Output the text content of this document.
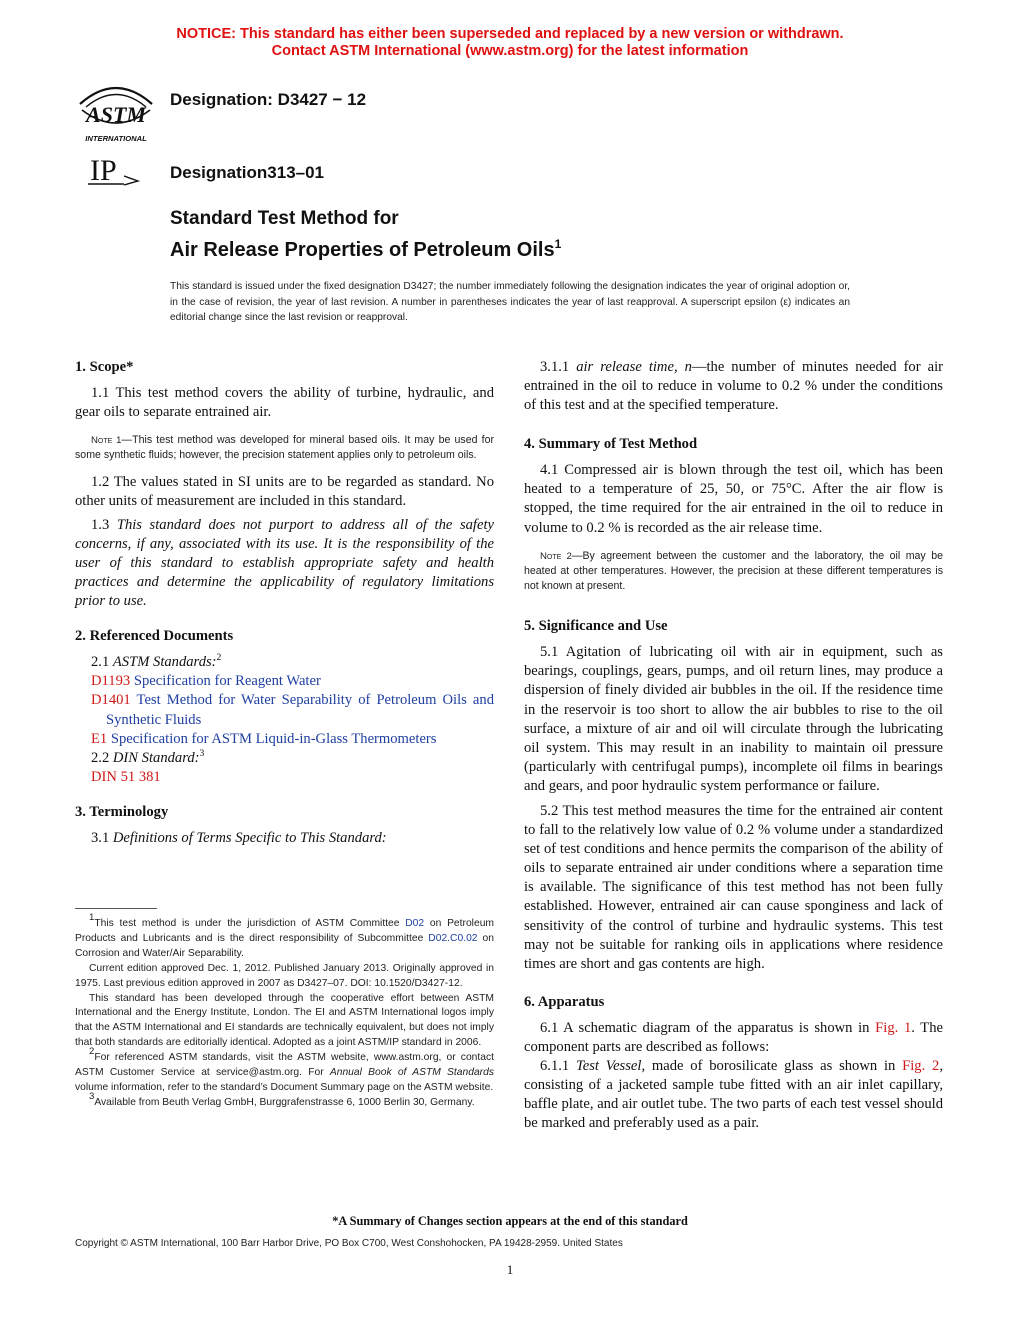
NOTICE: This standard has either been superseded and replaced by a new version or withdrawn.
Contact ASTM International (www.astm.org) for the latest information
ASTM
INTERNATIONAL
IP
Designation: D3427 − 12
Designation313–01
Standard Test Method for
Air Release Properties of Petroleum Oils$^1$
This standard is issued under the fixed designation D3427; the number immediately following the designation indicates the year of original adoption or, in the case of revision, the year of last revision. A number in parentheses indicates the year of last reapproval. A superscript epsilon (ε) indicates an editorial change since the last revision or reapproval.
1. Scope*

1.1 This test method covers the ability of turbine, hydraulic, and gear oils to separate entrained air.

Note 1—This test method was developed for mineral based oils. It may be used for some synthetic fluids; however, the precision statement applies only to petroleum oils.

1.2 The values stated in SI units are to be regarded as standard. No other units of measurement are included in this standard.

1.3 This standard does not purport to address all of the safety concerns, if any, associated with its use. It is the responsibility of the user of this standard to establish appropriate safety and health practices and determine the applicability of regulatory limitations prior to use.

2. Referenced Documents

2.1 ASTM Standards:$^2$

D1193 Specification for Reagent Water

D1401 Test Method for Water Separability of Petroleum Oils and Synthetic Fluids

E1 Specification for ASTM Liquid-in-Glass Thermometers

2.2 DIN Standard:$^3$

DIN 51 381

3. Terminology

3.1 Definitions of Terms Specific to This Standard:

$^1$This test method is under the jurisdiction of ASTM Committee D02 on Petroleum Products and Lubricants and is the direct responsibility of Subcommittee D02.C0.02 on Corrosion and Water/Air Separability.

Current edition approved Dec. 1, 2012. Published January 2013. Originally approved in 1975. Last previous edition approved in 2007 as D3427–07. DOI: 10.1520/D3427-12.

This standard has been developed through the cooperative effort between ASTM International and the Energy Institute, London. The EI and ASTM International logos imply that the ASTM International and EI standards are technically equivalent, but does not imply that both standards are editorially identical. Adopted as a joint ASTM/IP standard in 2006.

$^2$For referenced ASTM standards, visit the ASTM website, www.astm.org, or contact ASTM Customer Service at service@astm.org. For Annual Book of ASTM Standards volume information, refer to the standard’s Document Summary page on the ASTM website.

$^3$Available from Beuth Verlag GmbH, Burggrafenstrasse 6, 1000 Berlin 30, Germany.

3.1.1 air release time, n—the number of minutes needed for air entrained in the oil to reduce in volume to 0.2 % under the conditions of this test and at the specified temperature.

4. Summary of Test Method

4.1 Compressed air is blown through the test oil, which has been heated to a temperature of 25, 50, or 75°C. After the air flow is stopped, the time required for the air entrained in the oil to reduce in volume to 0.2 % is recorded as the air release time.

Note 2—By agreement between the customer and the laboratory, the oil may be heated at other temperatures. However, the precision at these different temperatures is not known at present.

5. Significance and Use

5.1 Agitation of lubricating oil with air in equipment, such as bearings, couplings, gears, pumps, and oil return lines, may produce a dispersion of finely divided air bubbles in the oil. If the residence time in the reservoir is too short to allow the air bubbles to rise to the oil surface, a mixture of air and oil will circulate through the lubricating oil system. This may result in an inability to maintain oil pressure (particularly with centrifugal pumps), incomplete oil films in bearings and gears, and poor hydraulic system performance or failure.

5.2 This test method measures the time for the entrained air content to fall to the relatively low value of 0.2 % volume under a standardized set of test conditions and hence permits the comparison of the ability of oils to separate entrained air under conditions where a separation time is available. The significance of this test method has not been fully established. However, entrained air can cause sponginess and lack of sensitivity of the control of turbine and hydraulic systems. This test may not be suitable for ranking oils in applications where residence times are short and gas contents are high.

6. Apparatus

6.1 A schematic diagram of the apparatus is shown in Fig. 1. The component parts are described as follows:

6.1.1 Test Vessel, made of borosilicate glass as shown in Fig. 2, consisting of a jacketed sample tube fitted with an air inlet capillary, baffle plate, and air outlet tube. The two parts of each test vessel should be marked and preferably used as a pair.

*A Summary of Changes section appears at the end of this standard
Copyright © ASTM International, 100 Barr Harbor Drive, PO Box C700, West Conshohocken, PA 19428-2959. United States
1
